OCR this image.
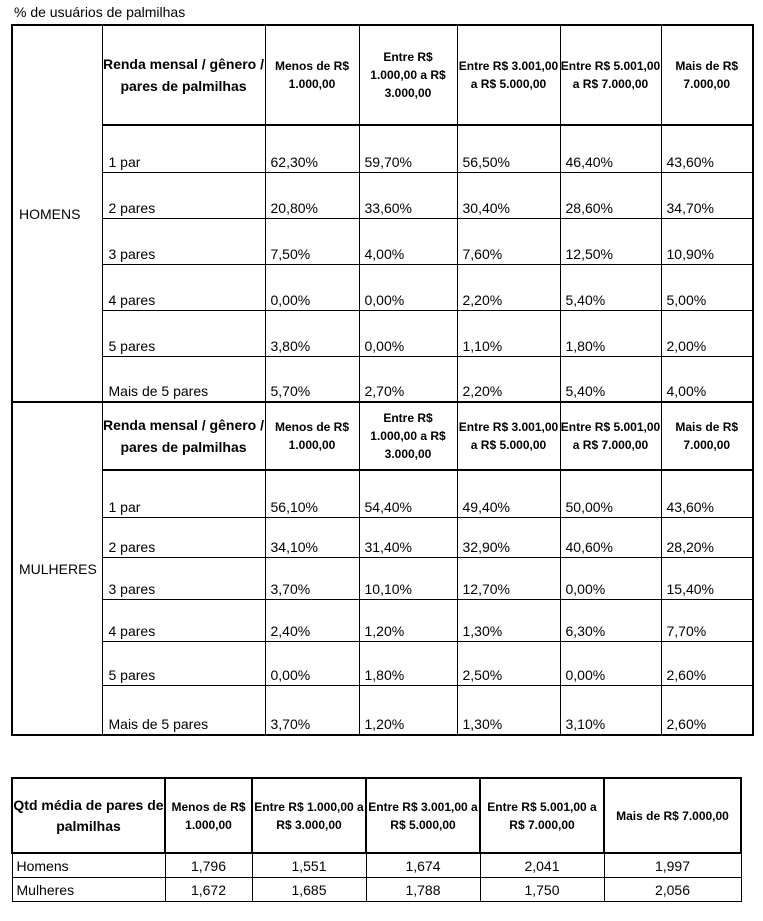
% de usuários de palmilhas
HOMENS	Renda mensal / gênero / pares de palmilhas	Menos de R$ 1.000,00	Entre R$ 1.000,00 a R$ 3.000,00	Entre R$ 3.001,00 a R$ 5.000,00	Entre R$ 5.001,00 a R$ 7.000,00	Mais de R$ 7.000,00
	1 par	62,30%	59,70%	56,50%	46,40%	43,60%
	2 pares	20,80%	33,60%	30,40%	28,60%	34,70%
	3 pares	7,50%	4,00%	7,60%	12,50%	10,90%
	4 pares	0,00%	0,00%	2,20%	5,40%	5,00%
	5 pares	3,80%	0,00%	1,10%	1,80%	2,00%
	Mais de 5 pares	5,70%	2,70%	2,20%	5,40%	4,00%
MULHERES	Renda mensal / gênero / pares de palmilhas	Menos de R$ 1.000,00	Entre R$ 1.000,00 a R$ 3.000,00	Entre R$ 3.001,00 a R$ 5.000,00	Entre R$ 5.001,00 a R$ 7.000,00	Mais de R$ 7.000,00
	1 par	56,10%	54,40%	49,40%	50,00%	43,60%
	2 pares	34,10%	31,40%	32,90%	40,60%	28,20%
	3 pares	3,70%	10,10%	12,70%	0,00%	15,40%
	4 pares	2,40%	1,20%	1,30%	6,30%	7,70%
	5 pares	0,00%	1,80%	2,50%	0,00%	2,60%
	Mais de 5 pares	3,70%	1,20%	1,30%	3,10%	2,60%
Qtd média de pares de palmilhas	Menos de R$ 1.000,00	Entre R$ 1.000,00 a R$ 3.000,00	Entre R$ 3.001,00 a R$ 5.000,00	Entre R$ 5.001,00 a R$ 7.000,00	Mais de R$ 7.000,00
Homens	1,796	1,551	1,674	2,041	1,997
Mulheres	1,672	1,685	1,788	1,750	2,056
